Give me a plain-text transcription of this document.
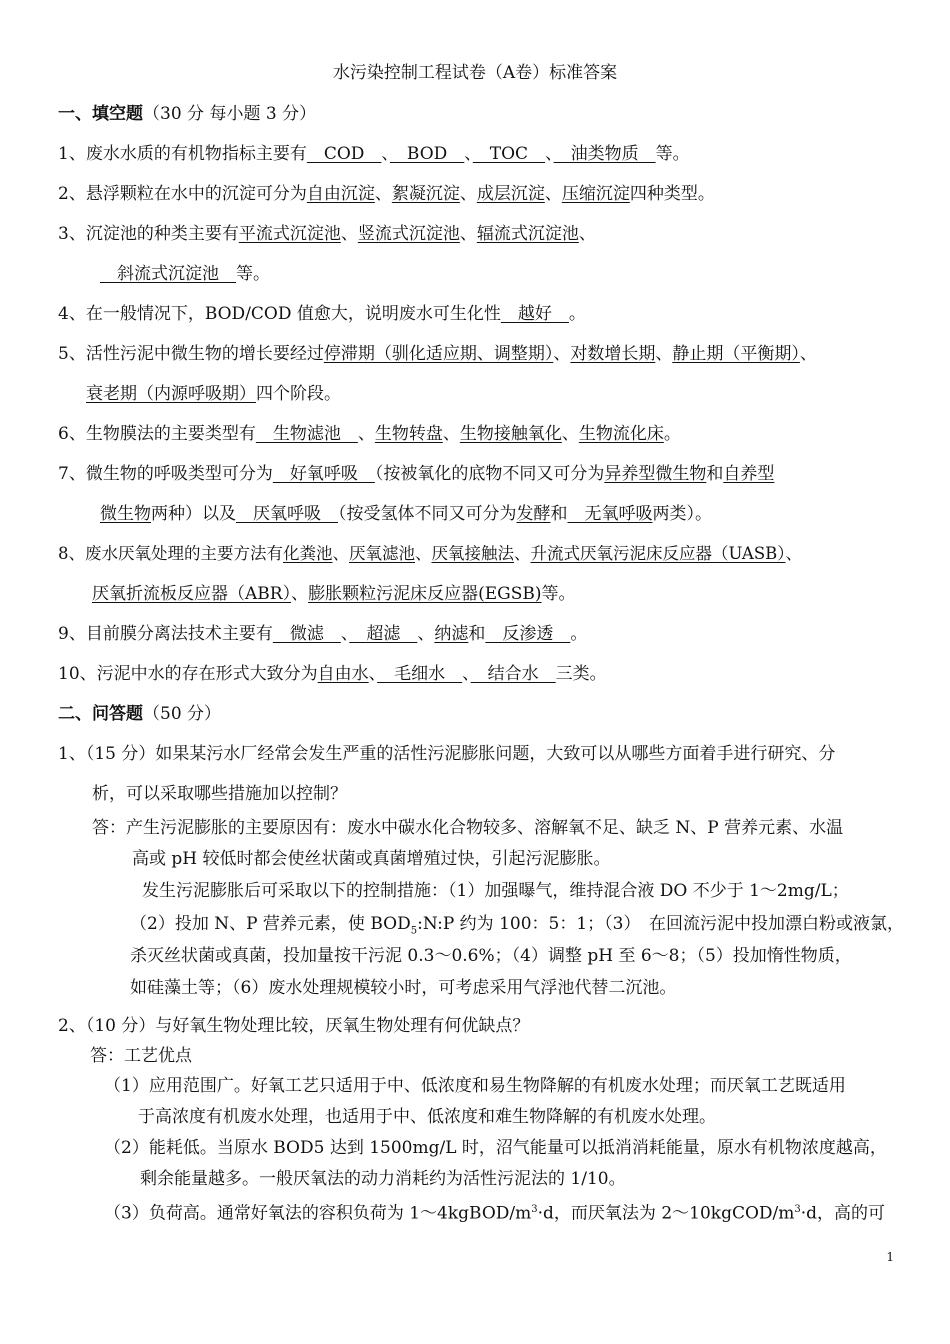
水污染控制工程试卷（A卷）标准答案
一、填空题（30 分 每小题 3 分）
1、废水水质的有机物指标主要有　COD　、　BOD　、　TOC　、　油类物质　等。
2、悬浮颗粒在水中的沉淀可分为自由沉淀、絮凝沉淀、成层沉淀、压缩沉淀四种类型。
3、沉淀池的种类主要有平流式沉淀池、竖流式沉淀池、辐流式沉淀池、
　斜流式沉淀池　等。
4、在一般情况下，BOD/COD 值愈大，说明废水可生化性　越好　。
5、活性污泥中微生物的增长要经过停滞期（驯化适应期、调整期）、对数增长期、静止期（平衡期）、
衰老期（内源呼吸期）四个阶段。
6、生物膜法的主要类型有　生物滤池　、生物转盘、生物接触氧化、生物流化床。
7、微生物的呼吸类型可分为　好氧呼吸　（按被氧化的底物不同又可分为异养型微生物和自养型
微生物两种）以及　厌氧呼吸　（按受氢体不同又可分为发酵和　无氧呼吸两类）。
8、废水厌氧处理的主要方法有化粪池、厌氧滤池、厌氧接触法、升流式厌氧污泥床反应器（UASB）、
厌氧折流板反应器（ABR）、膨胀颗粒污泥床反应器(EGSB)等。
9、目前膜分离法技术主要有　微滤　、　超滤　、纳滤和　反渗透　。
10、污泥中水的存在形式大致分为自由水、　毛细水　、　结合水　三类。
二、问答题（50 分）
1、（15 分）如果某污水厂经常会发生严重的活性污泥膨胀问题，大致可以从哪些方面着手进行研究、分
析，可以采取哪些措施加以控制？
答：产生污泥膨胀的主要原因有：废水中碳水化合物较多、溶解氧不足、缺乏 N、P 营养元素、水温
高或 pH 较低时都会使丝状菌或真菌增殖过快，引起污泥膨胀。
发生污泥膨胀后可采取以下的控制措施：（1）加强曝气，维持混合液 DO 不少于 1～2mg/L；
（2）投加 N、P 营养元素，使 $BOD_5:N:P$ 约为 100：5：1；（3）　在回流污泥中投加漂白粉或液氯，
杀灭丝状菌或真菌，投加量按干污泥 0.3～0.6%；（4）调整 pH 至 6～8；（5）投加惰性物质，
如硅藻土等；（6）废水处理规模较小时，可考虑采用气浮池代替二沉池。
2、（10 分）与好氧生物处理比较，厌氧生物处理有何优缺点？
答：工艺优点
（1）应用范围广。好氧工艺只适用于中、低浓度和易生物降解的有机废水处理；而厌氧工艺既适用
于高浓度有机废水处理，也适用于中、低浓度和难生物降解的有机废水处理。
（2）能耗低。当原水 BOD5 达到 1500mg/L 时，沼气能量可以抵消消耗能量，原水有机物浓度越高，
剩余能量越多。一般厌氧法的动力消耗约为活性污泥法的 1/10。
（3）负荷高。通常好氧法的容积负荷为 $1\sim 4kgBOD/m^3\cdot d$，而厌氧法为 $2\sim 10kgCOD/m^3\cdot d$，高的可
1
